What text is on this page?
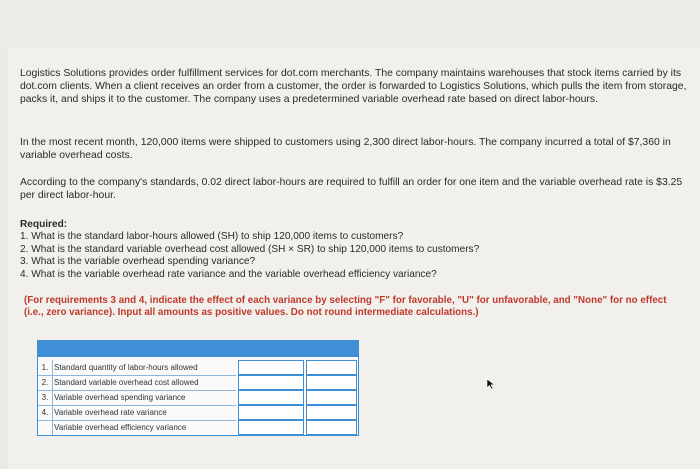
Logistics Solutions provides order fulfillment services for dot.com merchants. The company maintains warehouses that stock items carried by its dot.com clients. When a client receives an order from a customer, the order is forwarded to Logistics Solutions, which pulls the item from storage, packs it, and ships it to the customer. The company uses a predetermined variable overhead rate based on direct labor-hours.

In the most recent month, 120,000 items were shipped to customers using 2,300 direct labor-hours. The company incurred a total of $7,360 in variable overhead costs.

According to the company's standards, 0.02 direct labor-hours are required to fulfill an order for one item and the variable overhead rate is $3.25 per direct labor-hour.

Required:
1. What is the standard labor-hours allowed (SH) to ship 120,000 items to customers?
2. What is the standard variable overhead cost allowed (SH × SR) to ship 120,000 items to customers?
3. What is the variable overhead spending variance?
4. What is the variable overhead rate variance and the variable overhead efficiency variance?
(For requirements 3 and 4, indicate the effect of each variance by selecting "F" for favorable, "U" for unfavorable, and "None" for no effect (i.e., zero variance). Input all amounts as positive values. Do not round intermediate calculations.)
1. Standard quantity of labor-hours allowed
2. Standard variable overhead cost allowed
3. Variable overhead spending variance
4. Variable overhead rate variance
Variable overhead efficiency variance
